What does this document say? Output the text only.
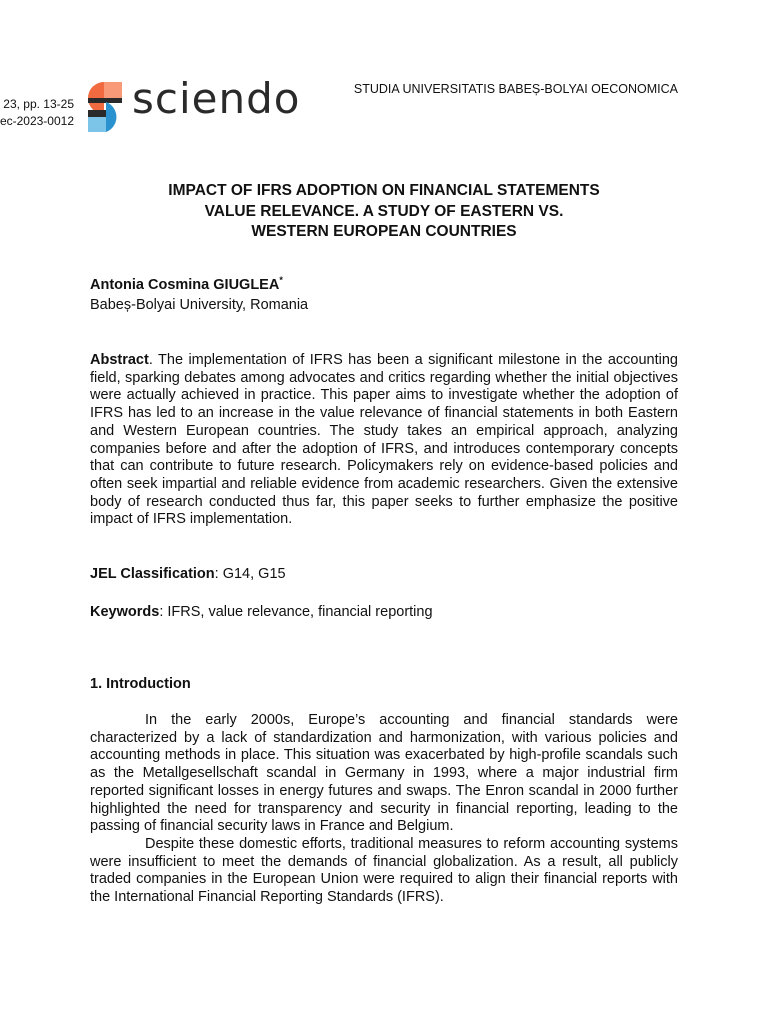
23, pp. 13-25
ec-2023-0012 sciendo	STUDIA UNIVERSITATIS BABEȘ-BOLYAI OECONOMICA
IMPACT OF IFRS ADOPTION ON FINANCIAL STATEMENTS
VALUE RELEVANCE. A STUDY OF EASTERN VS.
WESTERN EUROPEAN COUNTRIES
Antonia Cosmina GIUGLEA*
Babeș-Bolyai University, Romania
Abstract. The implementation of IFRS has been a significant milestone in the accounting field, sparking debates among advocates and critics regarding whether the initial objectives were actually achieved in practice. This paper aims to investigate whether the adoption of IFRS has led to an increase in the value relevance of financial statements in both Eastern and Western European countries. The study takes an empirical approach, analyzing companies before and after the adoption of IFRS, and introduces contemporary concepts that can contribute to future research. Policymakers rely on evidence-based policies and often seek impartial and reliable evidence from academic researchers. Given the extensive body of research conducted thus far, this paper seeks to further emphasize the positive impact of IFRS implementation.
JEL Classification: G14, G15
Keywords: IFRS, value relevance, financial reporting
1. Introduction

In the early 2000s, Europe’s accounting and financial standards were characterized by a lack of standardization and harmonization, with various policies and accounting methods in place. This situation was exacerbated by high-profile scandals such as the Metallgesellschaft scandal in Germany in 1993, where a major industrial firm reported significant losses in energy futures and swaps. The Enron scandal in 2000 further highlighted the need for transparency and security in financial reporting, leading to the passing of financial security laws in France and Belgium.

Despite these domestic efforts, traditional measures to reform accounting systems were insufficient to meet the demands of financial globalization. As a result, all publicly traded companies in the European Union were required to align their financial reports with the International Financial Reporting Standards (IFRS).
